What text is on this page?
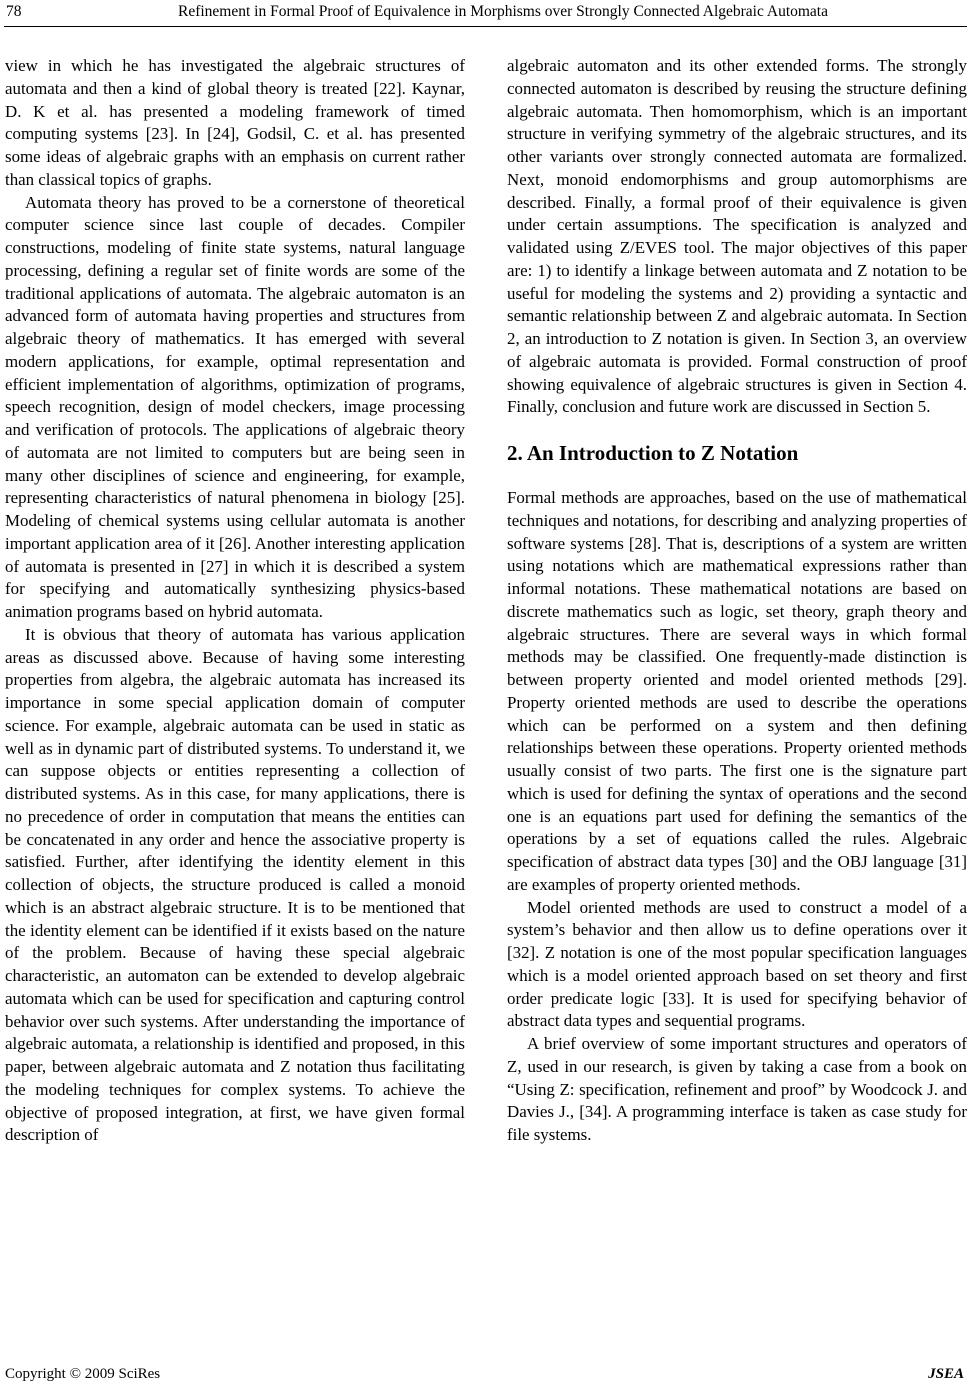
78	Refinement in Formal Proof of Equivalence in Morphisms over Strongly Connected Algebraic Automata

view in which he has investigated the algebraic structures of automata and then a kind of global theory is treated [22]. Kaynar, D. K et al. has presented a modeling framework of timed computing systems [23]. In [24], Godsil, C. et al. has presented some ideas of algebraic graphs with an emphasis on current rather than classical topics of graphs.

Automata theory has proved to be a cornerstone of theoretical computer science since last couple of decades. Compiler constructions, modeling of finite state systems, natural language processing, defining a regular set of finite words are some of the traditional applications of automata. The algebraic automaton is an advanced form of automata having properties and structures from algebraic theory of mathematics. It has emerged with several modern applications, for example, optimal representation and efficient implementation of algorithms, optimization of programs, speech recognition, design of model checkers, image processing and verification of protocols. The applications of algebraic theory of automata are not limited to computers but are being seen in many other disciplines of science and engineering, for example, representing characteristics of natural phenomena in biology [25]. Modeling of chemical systems using cellular automata is another important application area of it [26]. Another interesting application of automata is presented in [27] in which it is described a system for specifying and automatically synthesizing physics-based animation programs based on hybrid automata.

It is obvious that theory of automata has various application areas as discussed above. Because of having some interesting properties from algebra, the algebraic automata has increased its importance in some special application domain of computer science. For example, algebraic automata can be used in static as well as in dynamic part of distributed systems. To understand it, we can suppose objects or entities representing a collection of distributed systems. As in this case, for many applications, there is no precedence of order in computation that means the entities can be concatenated in any order and hence the associative property is satisfied. Further, after identifying the identity element in this collection of objects, the structure produced is called a monoid which is an abstract algebraic structure. It is to be mentioned that the identity element can be identified if it exists based on the nature of the problem. Because of having these special algebraic characteristic, an automaton can be extended to develop algebraic automata which can be used for specification and capturing control behavior over such systems. After understanding the importance of algebraic automata, a relationship is identified and proposed, in this paper, between algebraic automata and Z notation thus facilitating the modeling techniques for complex systems. To achieve the objective of proposed integration, at first, we have given formal description of

algebraic automaton and its other extended forms. The strongly connected automaton is described by reusing the structure defining algebraic automata. Then homomorphism, which is an important structure in verifying symmetry of the algebraic structures, and its other variants over strongly connected automata are formalized. Next, monoid endomorphisms and group automorphisms are described. Finally, a formal proof of their equivalence is given under certain assumptions. The specification is analyzed and validated using Z/EVES tool. The major objectives of this paper are: 1) to identify a linkage between automata and Z notation to be useful for modeling the systems and 2) providing a syntactic and semantic relationship between Z and algebraic automata. In Section 2, an introduction to Z notation is given. In Section 3, an overview of algebraic automata is provided. Formal construction of proof showing equivalence of algebraic structures is given in Section 4. Finally, conclusion and future work are discussed in Section 5.

2. An Introduction to Z Notation

Formal methods are approaches, based on the use of mathematical techniques and notations, for describing and analyzing properties of software systems [28]. That is, descriptions of a system are written using notations which are mathematical expressions rather than informal notations. These mathematical notations are based on discrete mathematics such as logic, set theory, graph theory and algebraic structures. There are several ways in which formal methods may be classified. One frequently-made distinction is between property oriented and model oriented methods [29]. Property oriented methods are used to describe the operations which can be performed on a system and then defining relationships between these operations. Property oriented methods usually consist of two parts. The first one is the signature part which is used for defining the syntax of operations and the second one is an equations part used for defining the semantics of the operations by a set of equations called the rules. Algebraic specification of abstract data types [30] and the OBJ language [31] are examples of property oriented methods.

Model oriented methods are used to construct a model of a system’s behavior and then allow us to define operations over it [32]. Z notation is one of the most popular specification languages which is a model oriented approach based on set theory and first order predicate logic [33]. It is used for specifying behavior of abstract data types and sequential programs.

A brief overview of some important structures and operators of Z, used in our research, is given by taking a case from a book on “Using Z: specification, refinement and proof” by Woodcock J. and Davies J., [34]. A programming interface is taken as case study for file systems.

Copyright © 2009 SciRes	JSEA
